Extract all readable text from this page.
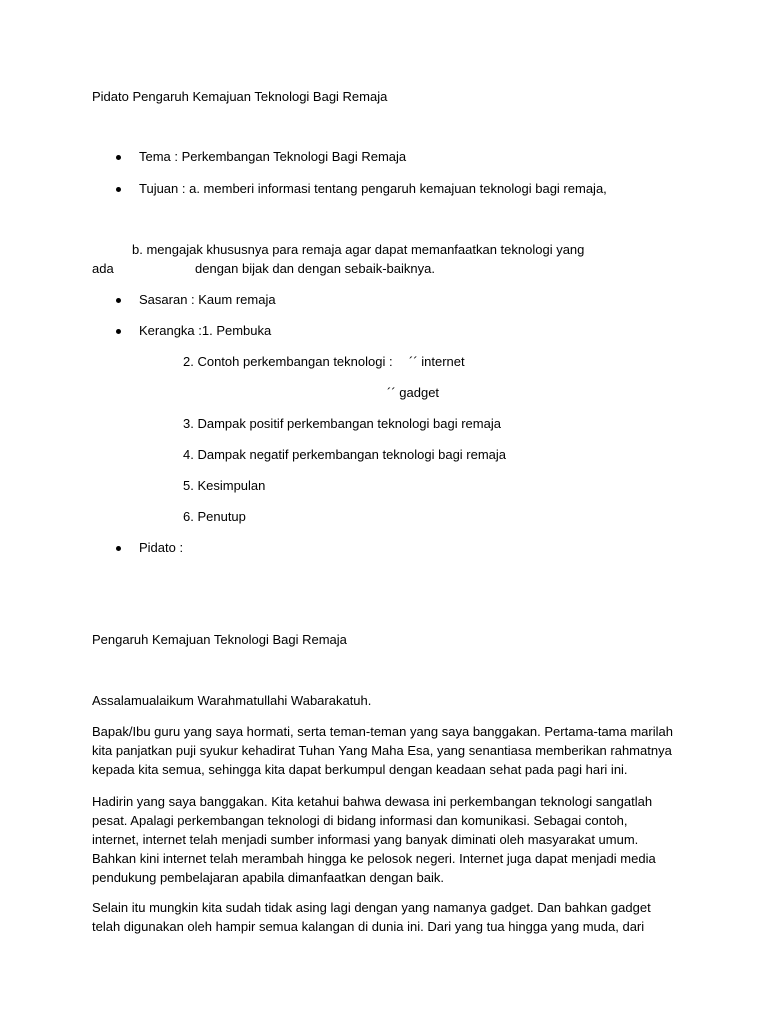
Pidato Pengaruh Kemajuan Teknologi Bagi Remaja
Tema : Perkembangan Teknologi Bagi Remaja
Tujuan : a. memberi informasi tentang pengaruh kemajuan teknologi bagi remaja,
b. mengajak khususnya para remaja agar dapat memanfaatkan teknologi yang
ada	dengan bijak dan dengan sebaik-baiknya.
Sasaran : Kaum remaja
Kerangka :1. Pembuka
2. Contoh perkembangan teknologi : ´´ internet
´´ gadget
3. Dampak positif perkembangan teknologi bagi remaja
4. Dampak negatif perkembangan teknologi bagi remaja
5. Kesimpulan
6. Penutup
Pidato :
Pengaruh Kemajuan Teknologi Bagi Remaja
Assalamualaikum Warahmatullahi Wabarakatuh.
Bapak/Ibu guru yang saya hormati, serta teman-teman yang saya banggakan. Pertama-tama marilah
kita panjatkan puji syukur kehadirat Tuhan Yang Maha Esa, yang senantiasa memberikan rahmatnya
kepada kita semua, sehingga kita dapat berkumpul dengan keadaan sehat pada pagi hari ini.
Hadirin yang saya banggakan. Kita ketahui bahwa dewasa ini perkembangan teknologi sangatlah
pesat. Apalagi perkembangan teknologi di bidang informasi dan komunikasi. Sebagai contoh,
internet, internet telah menjadi sumber informasi yang banyak diminati oleh masyarakat umum.
Bahkan kini internet telah merambah hingga ke pelosok negeri. Internet juga dapat menjadi media
pendukung pembelajaran apabila dimanfaatkan dengan baik.
Selain itu mungkin kita sudah tidak asing lagi dengan yang namanya gadget. Dan bahkan gadget
telah digunakan oleh hampir semua kalangan di dunia ini. Dari yang tua hingga yang muda, dari
